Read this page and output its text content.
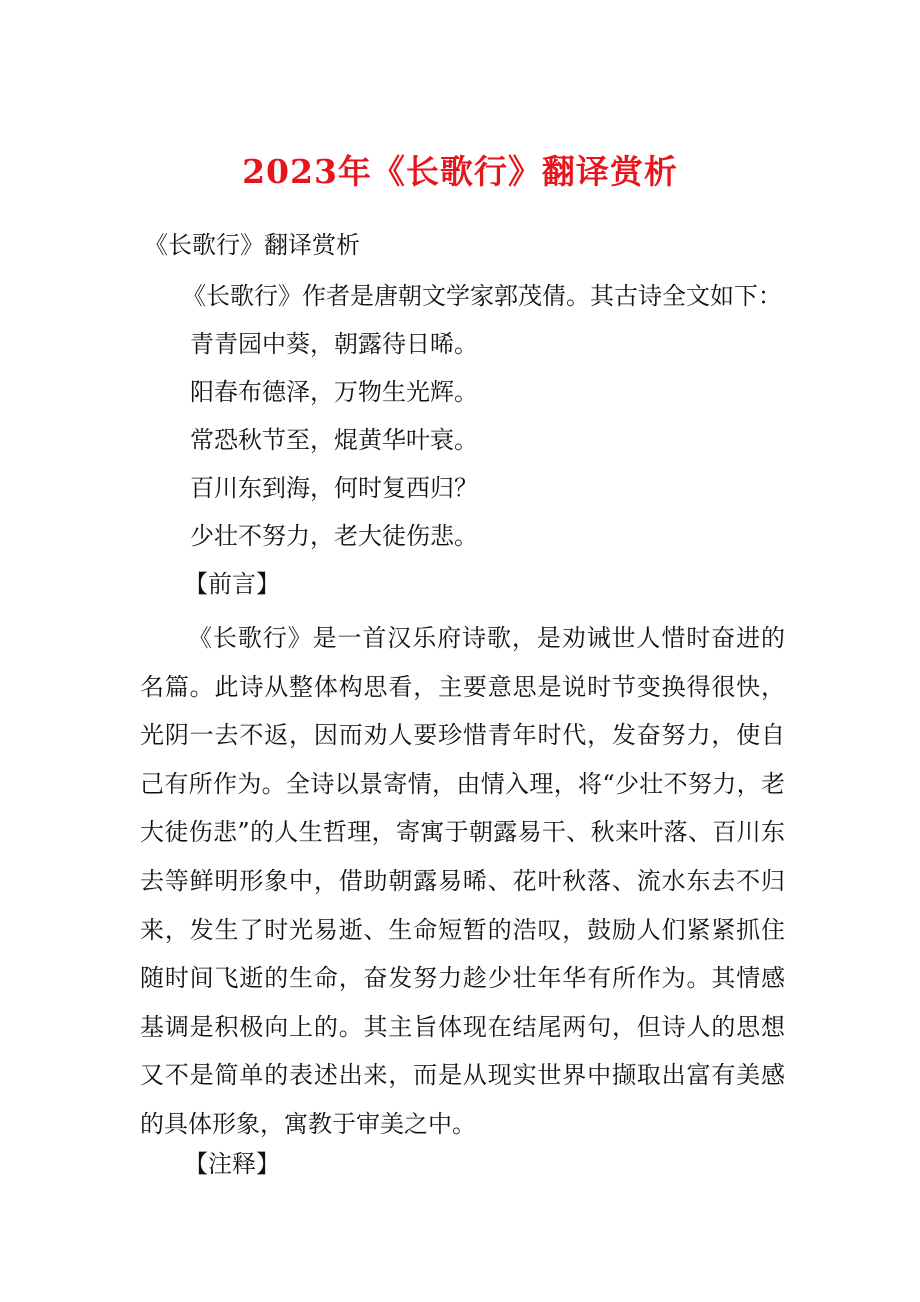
2023年《长歌行》翻译赏析
《长歌行》翻译赏析
《长歌行》作者是唐朝文学家郭茂倩。其古诗全文如下：
青青园中葵，朝露待日晞。
阳春布德泽，万物生光辉。
常恐秋节至，焜黄华叶衰。
百川东到海，何时复西归？
少壮不努力，老大徒伤悲。
【前言】

《长歌行》是一首汉乐府诗歌，是劝诫世人惜时奋进的名篇。此诗从整体构思看，主要意思是说时节变换得很快，光阴一去不返，因而劝人要珍惜青年时代，发奋努力，使自己有所作为。全诗以景寄情，由情入理，将“少壮不努力，老大徒伤悲”的人生哲理，寄寓于朝露易干、秋来叶落、百川东去等鲜明形象中，借助朝露易晞、花叶秋落、流水东去不归来，发生了时光易逝、生命短暂的浩叹，鼓励人们紧紧抓住随时间飞逝的生命，奋发努力趁少壮年华有所作为。其情感基调是积极向上的。其主旨体现在结尾两句，但诗人的思想又不是简单的表述出来，而是从现实世界中撷取出富有美感的具体形象，寓教于审美之中。

【注释】
